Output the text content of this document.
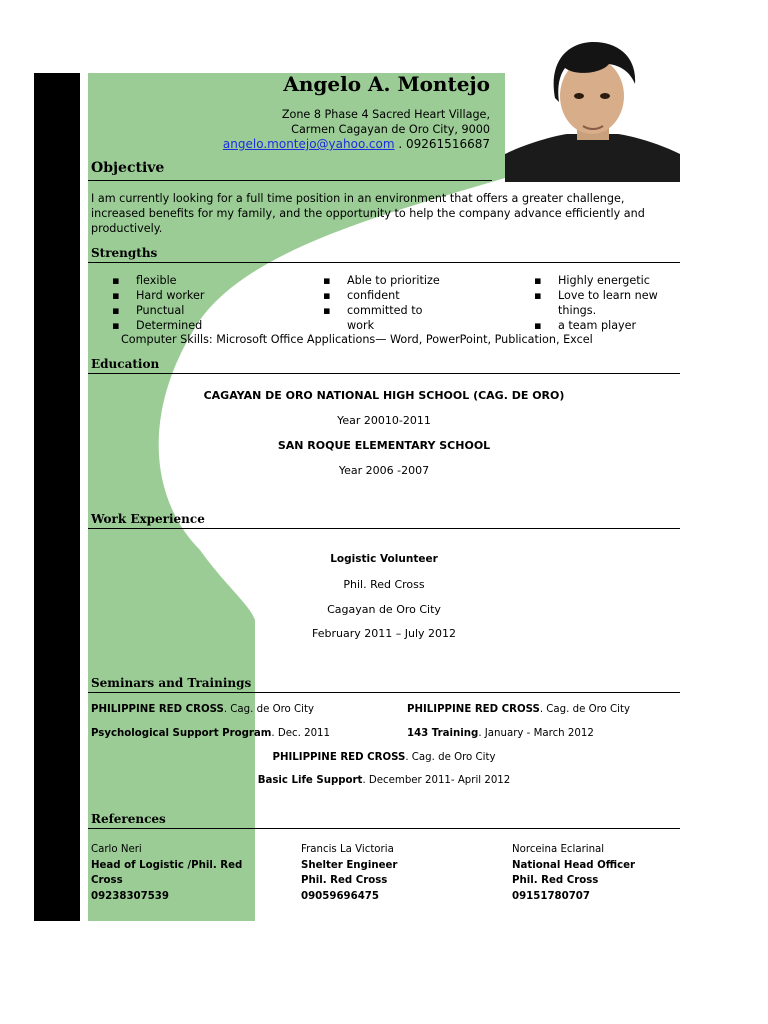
Angelo A. Montejo
Zone 8 Phase 4 Sacred Heart Village,
Carmen Cagayan de Oro City, 9000
angelo.montejo@yahoo.com . 09261516687
Objective
I am currently looking for a full time position in an environment that offers a greater challenge, increased benefits for my family, and the opportunity to help the company advance efficiently and productively.
Strengths
▪ flexible
▪ Hard worker
▪ Punctual
▪ Determined
▪ Able to prioritize
▪ confident
▪ committed to
work
▪ Highly energetic
▪ Love to learn new
things.
▪ a team player
Computer Skills: Microsoft Office Applications— Word, PowerPoint, Publication, Excel
Education
CAGAYAN DE ORO NATIONAL HIGH SCHOOL (CAG. DE ORO)
Year 20010-2011
SAN ROQUE ELEMENTARY SCHOOL
Year 2006 -2007
Work Experience
Logistic Volunteer
Phil. Red Cross
Cagayan de Oro City
February 2011 – July 2012
Seminars and Trainings
PHILIPPINE RED CROSS. Cag. de Oro City
Psychological Support Program. Dec. 2011
PHILIPPINE RED CROSS. Cag. de Oro City
143 Training. January - March 2012
PHILIPPINE RED CROSS. Cag. de Oro City
Basic Life Support. December 2011- April 2012
References
Carlo Neri
Head of Logistic /Phil. Red
Cross
09238307539
Francis La Victoria
Shelter Engineer
Phil. Red Cross
09059696475
Norceina Eclarinal
National Head Officer
Phil. Red Cross
09151780707
